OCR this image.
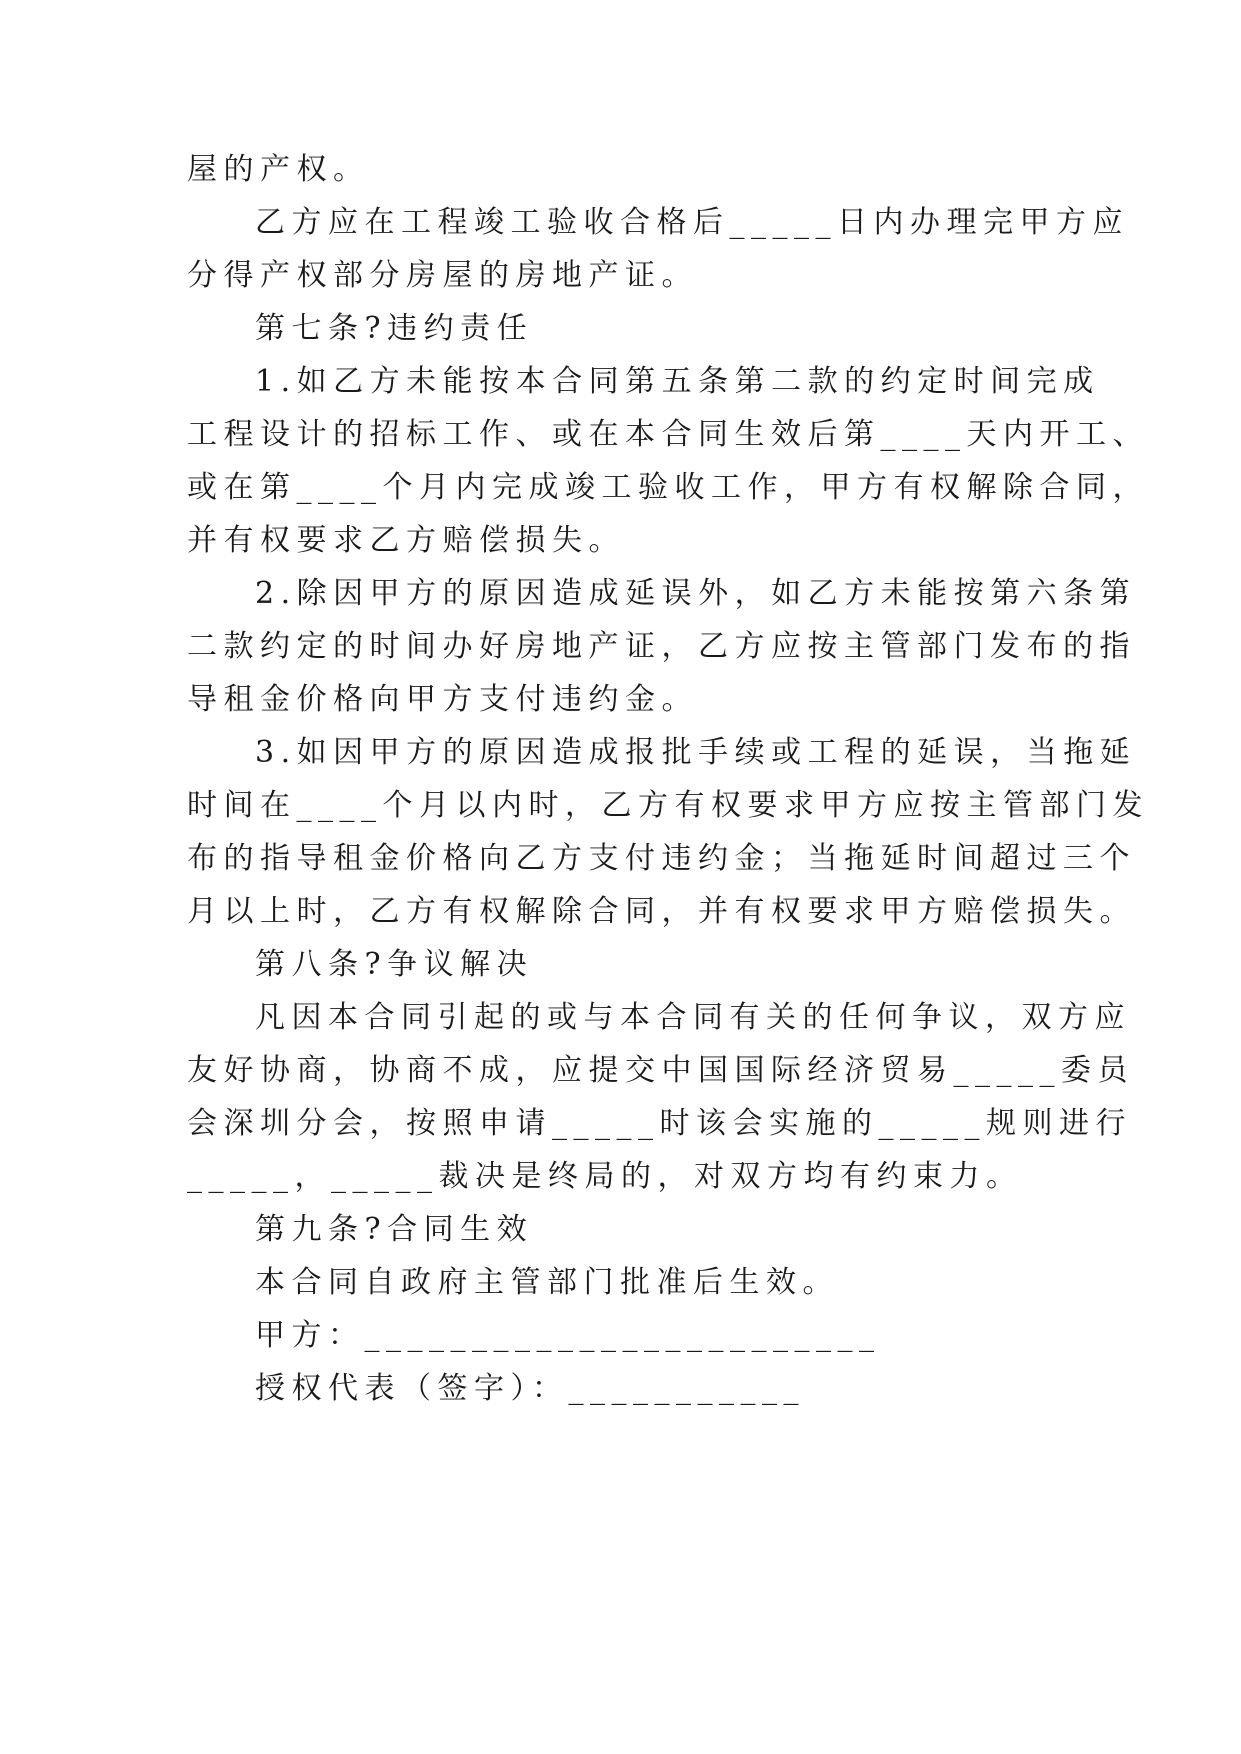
屋的产权。
乙方应在工程竣工验收合格后_____日内办理完甲方应
分得产权部分房屋的房地产证。
第七条?违约责任
1.如乙方未能按本合同第五条第二款的约定时间完成
工程设计的招标工作、或在本合同生效后第____天内开工、
或在第____个月内完成竣工验收工作，甲方有权解除合同，
并有权要求乙方赔偿损失。
2.除因甲方的原因造成延误外，如乙方未能按第六条第
二款约定的时间办好房地产证，乙方应按主管部门发布的指
导租金价格向甲方支付违约金。
3.如因甲方的原因造成报批手续或工程的延误，当拖延
时间在____个月以内时，乙方有权要求甲方应按主管部门发
布的指导租金价格向乙方支付违约金；当拖延时间超过三个
月以上时，乙方有权解除合同，并有权要求甲方赔偿损失。
第八条?争议解决
凡因本合同引起的或与本合同有关的任何争议，双方应
友好协商，协商不成，应提交中国国际经济贸易_____委员
会深圳分会，按照申请_____时该会实施的_____规则进行
_____，_____裁决是终局的，对双方均有约束力。
第九条?合同生效
本合同自政府主管部门批准后生效。
甲方：________________________
授权代表（签字）：___________
